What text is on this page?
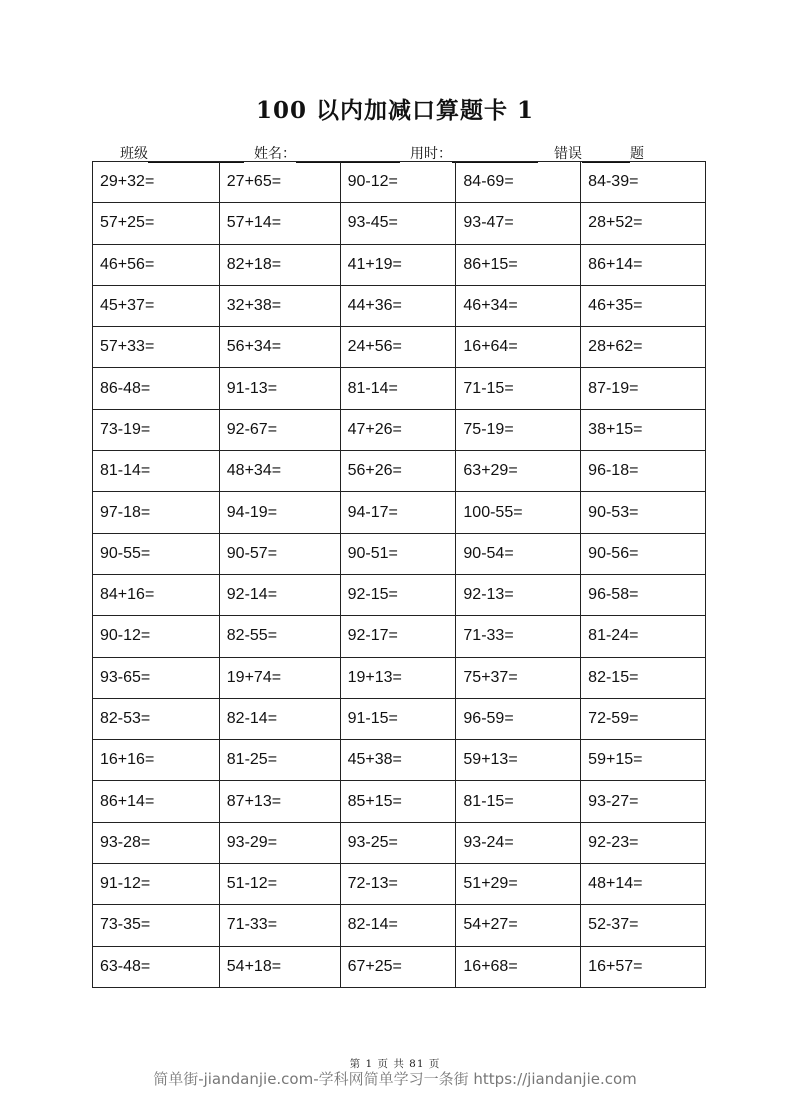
100 以内加减口算题卡 1
班级	姓名：	用时：	错误	题
29+32=	27+65=	90-12=	84-69=	84-39=
57+25=	57+14=	93-45=	93-47=	28+52=
46+56=	82+18=	41+19=	86+15=	86+14=
45+37=	32+38=	44+36=	46+34=	46+35=
57+33=	56+34=	24+56=	16+64=	28+62=
86-48=	91-13=	81-14=	71-15=	87-19=
73-19=	92-67=	47+26=	75-19=	38+15=
81-14=	48+34=	56+26=	63+29=	96-18=
97-18=	94-19=	94-17=	100-55=	90-53=
90-55=	90-57=	90-51=	90-54=	90-56=
84+16=	92-14=	92-15=	92-13=	96-58=
90-12=	82-55=	92-17=	71-33=	81-24=
93-65=	19+74=	19+13=	75+37=	82-15=
82-53=	82-14=	91-15=	96-59=	72-59=
16+16=	81-25=	45+38=	59+13=	59+15=
86+14=	87+13=	85+15=	81-15=	93-27=
93-28=	93-29=	93-25=	93-24=	92-23=
91-12=	51-12=	72-13=	51+29=	48+14=
73-35=	71-33=	82-14=	54+27=	52-37=
63-48=	54+18=	67+25=	16+68=	16+57=
第 1 页 共 81 页
简单街-jiandanjie.com-学科网简单学习一条街 https://jiandanjie.com
